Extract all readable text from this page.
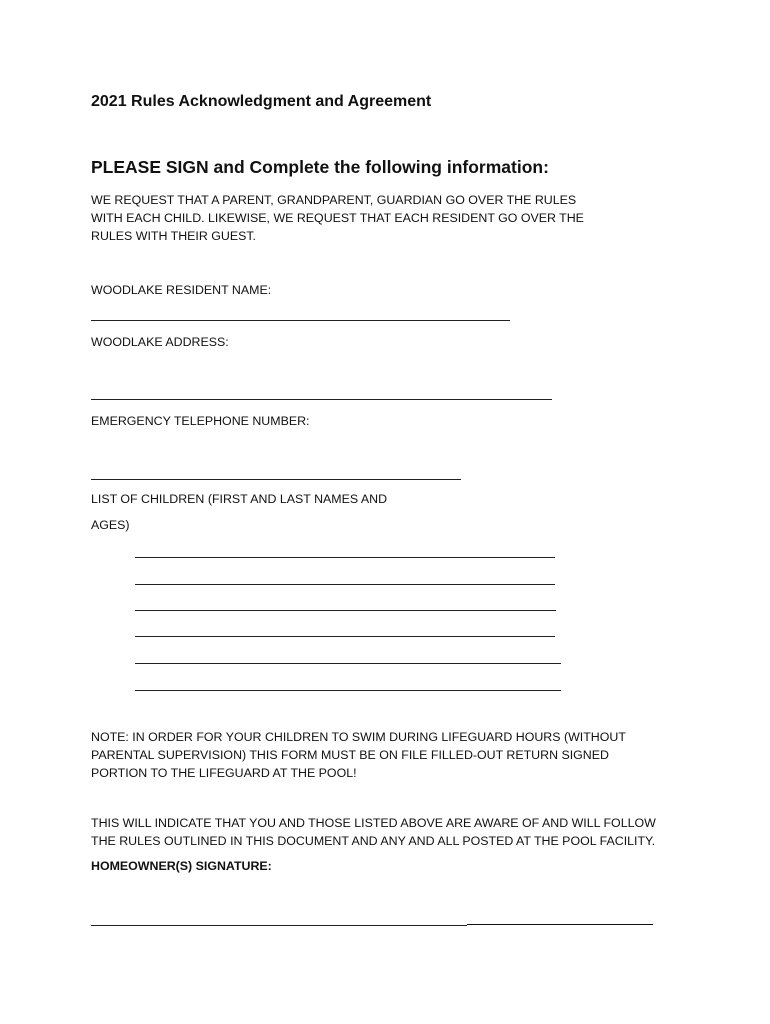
2021 Rules Acknowledgment and Agreement
PLEASE SIGN and Complete the following information:
WE REQUEST THAT A PARENT, GRANDPARENT, GUARDIAN GO OVER THE RULES
WITH EACH CHILD. LIKEWISE, WE REQUEST THAT EACH RESIDENT GO OVER THE
RULES WITH THEIR GUEST.
WOODLAKE RESIDENT NAME:
WOODLAKE ADDRESS:
EMERGENCY TELEPHONE NUMBER:
LIST OF CHILDREN (FIRST AND LAST NAMES AND
AGES)
NOTE: IN ORDER FOR YOUR CHILDREN TO SWIM DURING LIFEGUARD HOURS (WITHOUT
PARENTAL SUPERVISION) THIS FORM MUST BE ON FILE FILLED-OUT RETURN SIGNED
PORTION TO THE LIFEGUARD AT THE POOL!
THIS WILL INDICATE THAT YOU AND THOSE LISTED ABOVE ARE AWARE OF AND WILL FOLLOW
THE RULES OUTLINED IN THIS DOCUMENT AND ANY AND ALL POSTED AT THE POOL FACILITY.
HOMEOWNER(S) SIGNATURE:
